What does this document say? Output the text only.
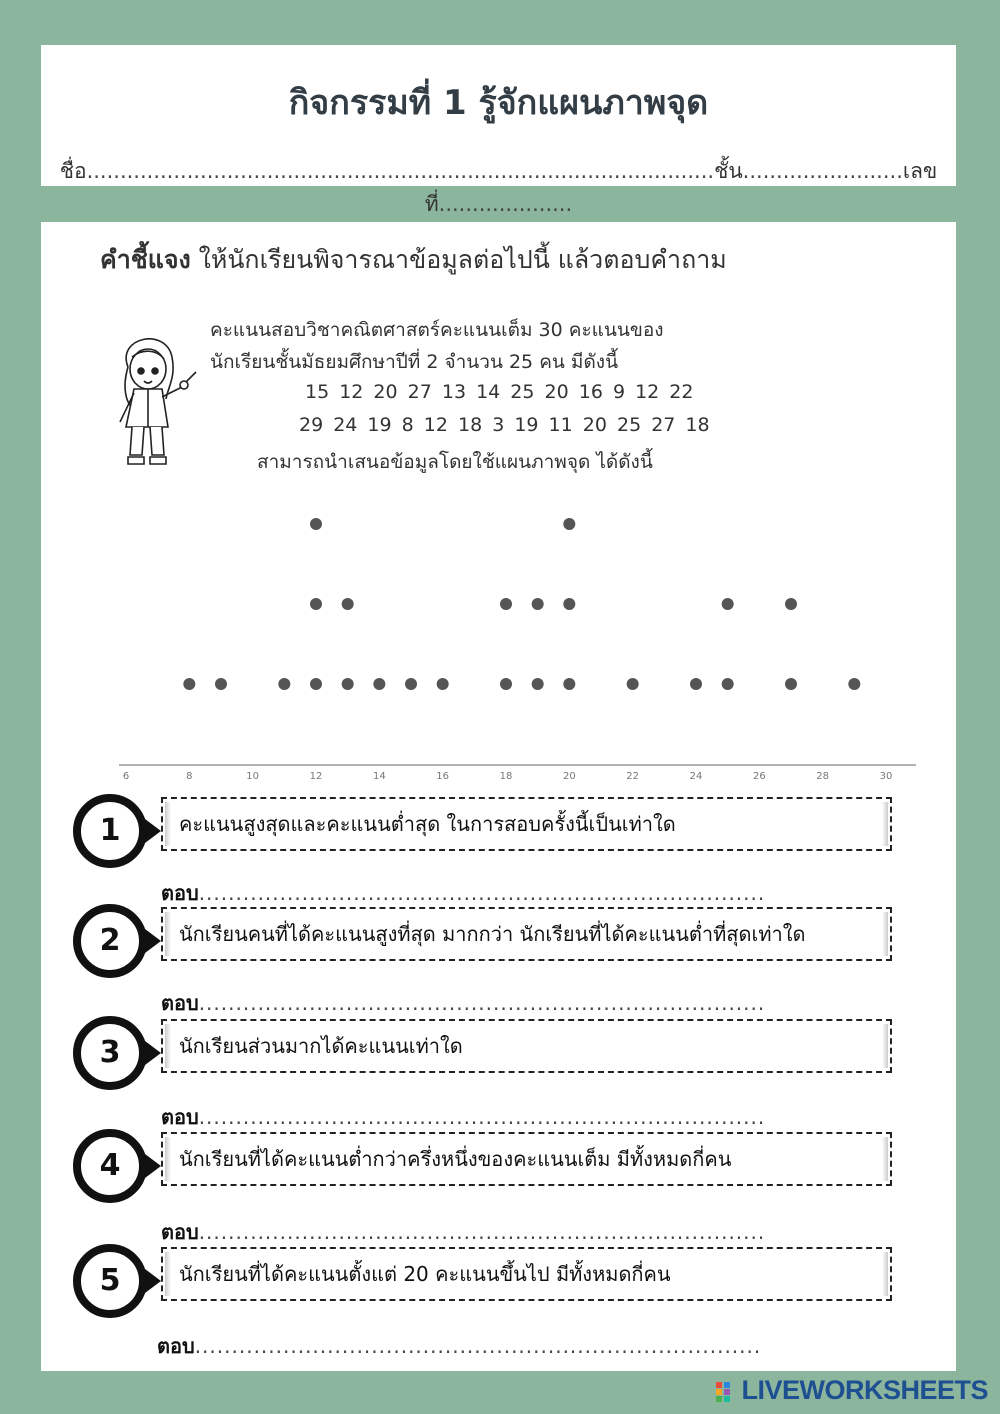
กิจกรรมที่ 1 รู้จักแผนภาพจุด
ชื่อ..............................................................................................ชั้น........................เลขที่....................
คำชี้แจง ให้นักเรียนพิจารณาข้อมูลต่อไปนี้ แล้วตอบคำถาม
คะแนนสอบวิชาคณิตศาสตร์คะแนนเต็ม 30 คะแนนของ
นักเรียนชั้นมัธยมศึกษาปีที่ 2 จำนวน 25 คน มีดังนี้
15 12 20 27 13 14 25 20 16 9 12 22
29 24 19 8 12 18 3 19 11 20 25 27 18
สามารถนำเสนอข้อมูลโดยใช้แผนภาพจุด ได้ดังนี้
6	8	10	12	14	16	18	20	22	24	26	28	30
1	คะแนนสูงสุดและคะแนนต่ำสุด ในการสอบครั้งนี้เป็นเท่าใด
ตอบ.............................................................................
2	นักเรียนคนที่ได้คะแนนสูงที่สุด มากกว่า นักเรียนที่ได้คะแนนต่ำที่สุดเท่าใด
ตอบ.............................................................................
3	นักเรียนส่วนมากได้คะแนนเท่าใด
ตอบ.............................................................................
4	นักเรียนที่ได้คะแนนต่ำกว่าครึ่งหนึ่งของคะแนนเต็ม มีทั้งหมดกี่คน
ตอบ.............................................................................
5	นักเรียนที่ได้คะแนนตั้งแต่ 20 คะแนนขึ้นไป มีทั้งหมดกี่คน
ตอบ.............................................................................
LIVEWORKSHEETS
